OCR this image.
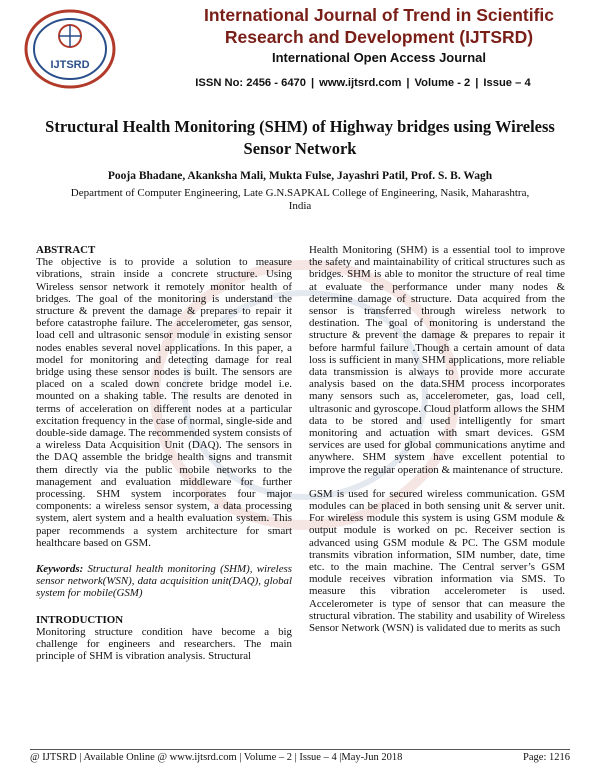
IJTSRD
International Journal of Trend in Scientific Research and Development (IJTSRD)
International Open Access Journal
ISSN No: 2456 - 6470 | www.ijtsrd.com | Volume - 2 | Issue – 4
Structural Health Monitoring (SHM) of Highway bridges using Wireless Sensor Network
Pooja Bhadane, Akanksha Mali, Mukta Fulse, Jayashri Patil, Prof. S. B. Wagh
Department of Computer Engineering, Late G.N.SAPKAL College of Engineering, Nasik, Maharashtra, India

ABSTRACT

The objective is to provide a solution to measure vibrations, strain inside a concrete structure. Using Wireless sensor network it remotely monitor health of bridges. The goal of the monitoring is understand the structure & prevent the damage & prepares to repair it before catastrophe failure. The accelerometer, gas sensor, load cell and ultrasonic sensor module in existing sensor nodes enables several novel applications. In this paper, a model for monitoring and detecting damage for real bridge using these sensor nodes is built. The sensors are placed on a scaled down concrete bridge model i.e. mounted on a shaking table. The results are denoted in terms of acceleration on different nodes at a particular excitation frequency in the case of normal, single-side and double-side damage. The recommended system consists of a wireless Data Acquisition Unit (DAQ). The sensors in the DAQ assemble the bridge health signs and transmit them directly via the public mobile networks to the management and evaluation middleware for further processing. SHM system incorporates four major components: a wireless sensor system, a data processing system, alert system and a health evaluation system. This paper recommends a system architecture for smart healthcare based on GSM.

Keywords: Structural health monitoring (SHM), wireless sensor network(WSN), data acquisition unit(DAQ), global system for mobile(GSM)

INTRODUCTION

Monitoring structure condition have become a big challenge for engineers and researchers. The main principle of SHM is vibration analysis. Structural

Health Monitoring (SHM) is a essential tool to improve the safety and maintainability of critical structures such as bridges. SHM is able to monitor the structure of real time at evaluate the performance under many nodes & determine damage of structure. Data acquired from the sensor is transferred through wireless network to destination. The goal of monitoring is understand the structure & prevent the damage & prepares to repair it before harmful failure .Though a certain amount of data loss is sufficient in many SHM applications, more reliable data transmission is always to provide more accurate analysis based on the data.SHM process incorporates many sensors such as, accelerometer, gas, load cell, ultrasonic and gyroscope. Cloud platform allows the SHM data to be stored and used intelligently for smart monitoring and actuation with smart devices. GSM services are used for global communications anytime and anywhere. SHM system have excellent potential to improve the regular operation & maintenance of structure.

GSM is used for secured wireless communication. GSM modules can be placed in both sensing unit & server unit. For wireless module this system is using GSM module & output module is worked on pc. Receiver section is advanced using GSM module & PC. The GSM module transmits vibration information, SIM number, date, time etc. to the main machine. The Central server’s GSM module receives vibration information via SMS. To measure this vibration accelerometer is used. Accelerometer is type of sensor that can measure the structural vibration. The stability and usability of Wireless Sensor Network (WSN) is validated due to merits as such

@ IJTSRD | Available Online @ www.ijtsrd.com | Volume – 2 | Issue – 4 |May-Jun 2018	Page: 1216
